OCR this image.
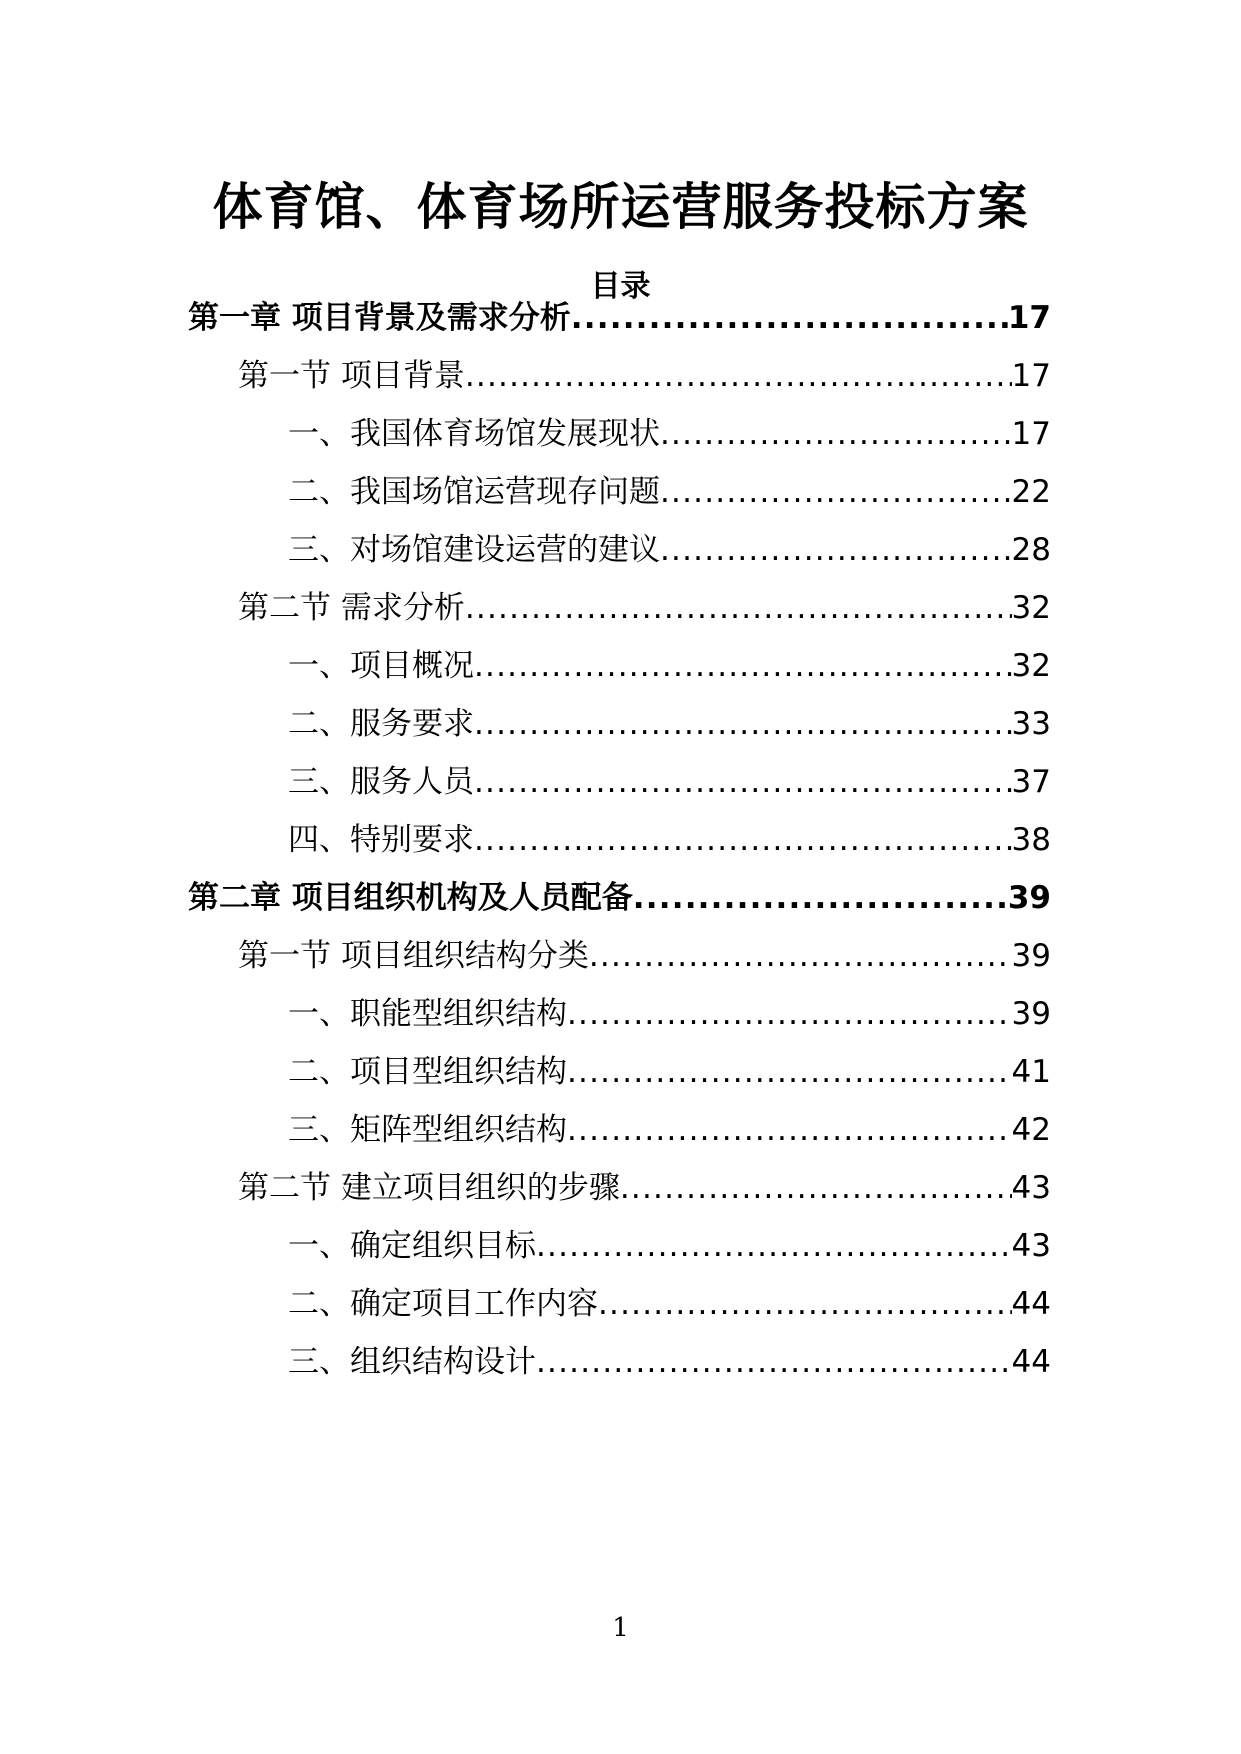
体育馆、体育场所运营服务投标方案
目录
第一章 项目背景及需求分析 .....	17
第一节 项目背景 .....	17
一、我国体育场馆发展现状 .....	17
二、我国场馆运营现存问题 .....	22
三、对场馆建设运营的建议 .....	28
第二节 需求分析 .....	32
一、项目概况 .....	32
二、服务要求 .....	33
三、服务人员 .....	37
四、特别要求 .....	38
第二章 项目组织机构及人员配备 .....	39
第一节 项目组织结构分类 .....	39
一、职能型组织结构 .....	39
二、项目型组织结构 .....	41
三、矩阵型组织结构 .....	42
第二节 建立项目组织的步骤 .....	43
一、确定组织目标 .....	43
二、确定项目工作内容 .....	44
三、组织结构设计 .....	44
1
